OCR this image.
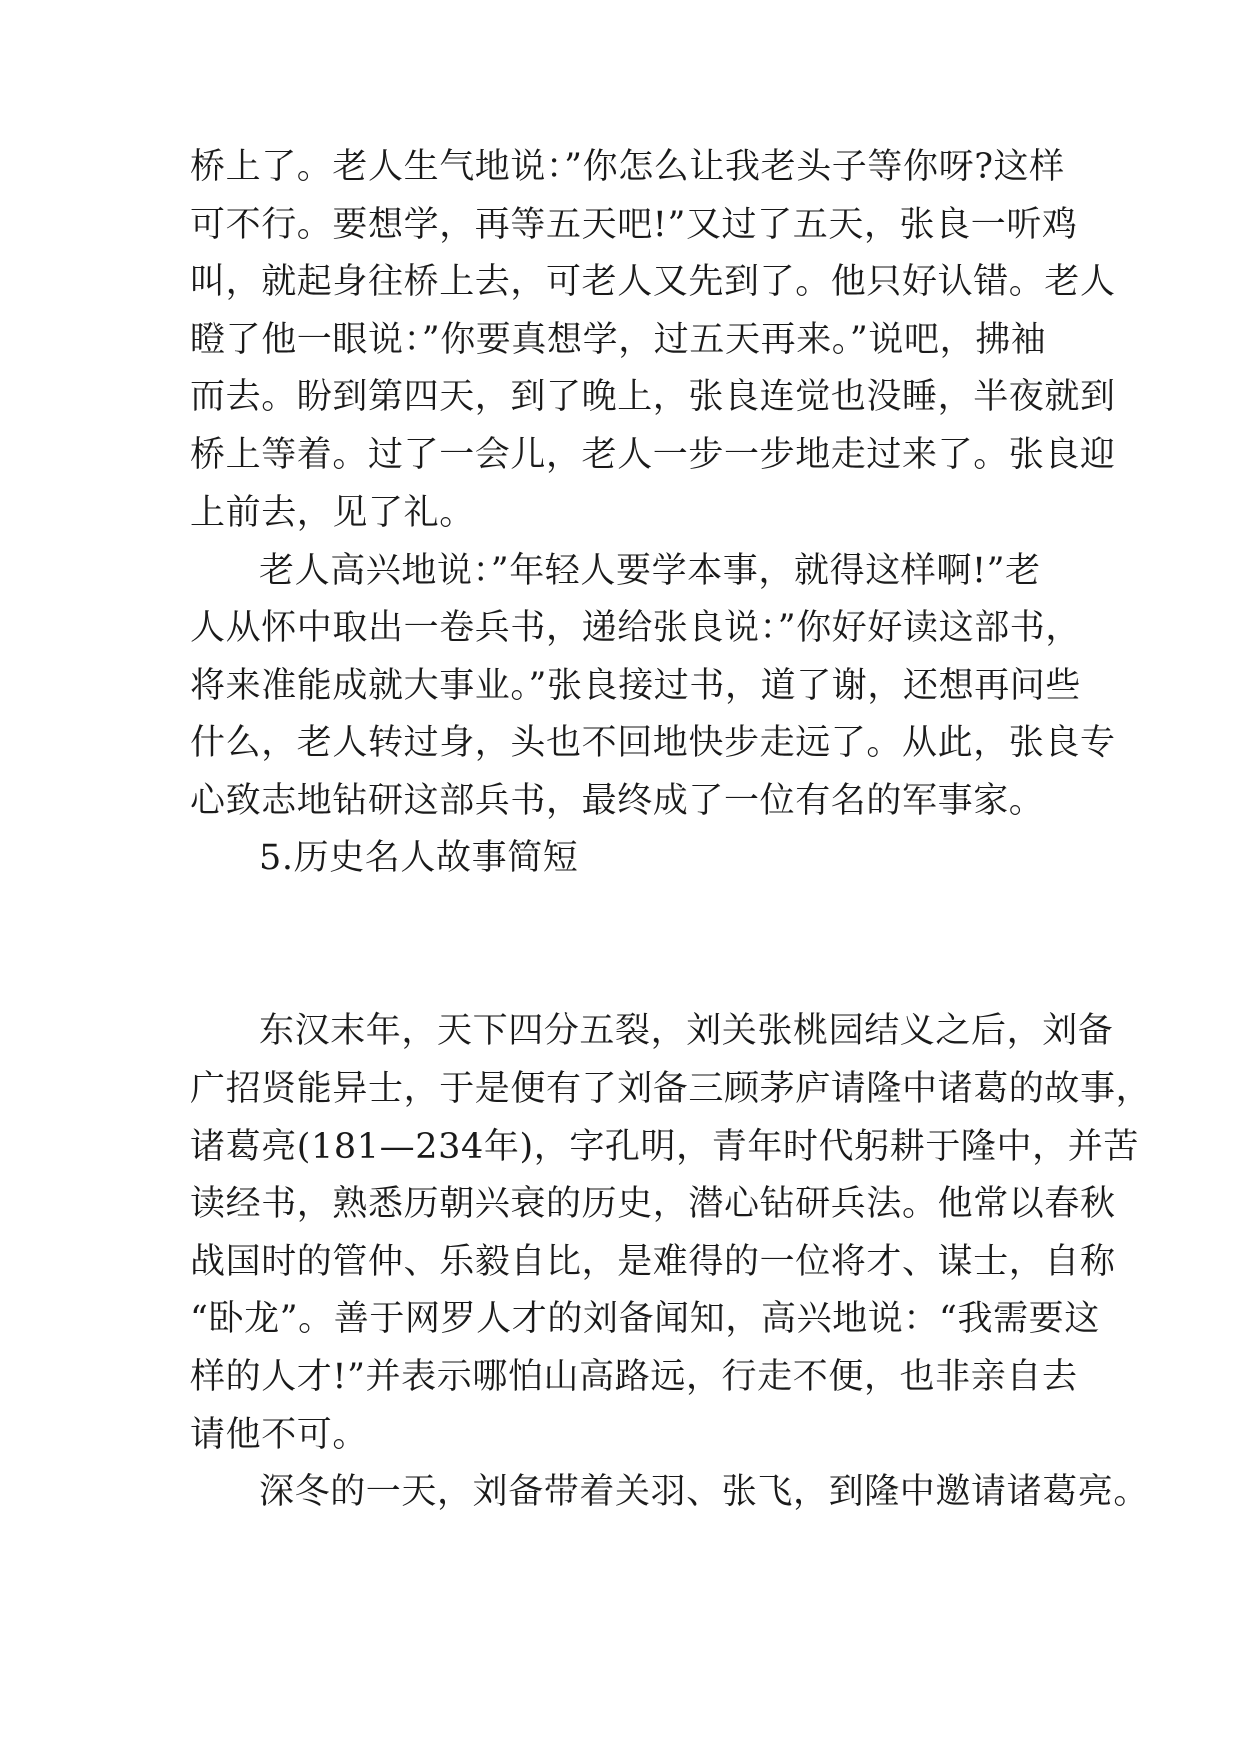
桥上了。老人生气地说：”你怎么让我老头子等你呀?这样
可不行。要想学，再等五天吧!”又过了五天，张良一听鸡
叫，就起身往桥上去，可老人又先到了。他只好认错。老人
瞪了他一眼说：”你要真想学，过五天再来。”说吧，拂袖
而去。盼到第四天，到了晚上，张良连觉也没睡，半夜就到
桥上等着。过了一会儿，老人一步一步地走过来了。张良迎
上前去，见了礼。
老人高兴地说：”年轻人要学本事，就得这样啊!”老
人从怀中取出一卷兵书，递给张良说：”你好好读这部书，
将来准能成就大事业。”张良接过书，道了谢，还想再问些
什么，老人转过身，头也不回地快步走远了。从此，张良专
心致志地钻研这部兵书，最终成了一位有名的军事家。
5.历史名人故事简短
东汉末年，天下四分五裂，刘关张桃园结义之后，刘备
广招贤能异士，于是便有了刘备三顾茅庐请隆中诸葛的故事，
诸葛亮(181—234年)，字孔明，青年时代躬耕于隆中，并苦
读经书，熟悉历朝兴衰的历史，潜心钻研兵法。他常以春秋
战国时的管仲、乐毅自比，是难得的一位将才、谋士，自称
“卧龙”。善于网罗人才的刘备闻知，高兴地说：“我需要这
样的人才!”并表示哪怕山高路远，行走不便，也非亲自去
请他不可。
深冬的一天，刘备带着关羽、张飞，到隆中邀请诸葛亮。
